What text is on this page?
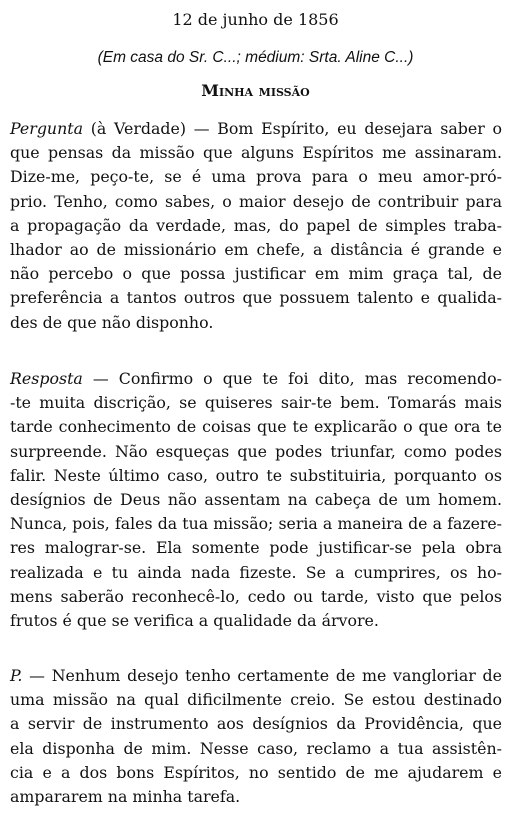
12 de junho de 1856
(Em casa do Sr. C...; médium: Srta. Aline C...)
Minha missão
Pergunta (à Verdade) — Bom Espírito, eu desejara saber o
que pensas da missão que alguns Espíritos me assinaram.
Dize-me, peço-te, se é uma prova para o meu amor-pró-
prio. Tenho, como sabes, o maior desejo de contribuir para
a propagação da verdade, mas, do papel de simples traba-
lhador ao de missionário em chefe, a distância é grande e
não percebo o que possa justificar em mim graça tal, de
preferência a tantos outros que possuem talento e qualida-
des de que não disponho.
Resposta — Confirmo o que te foi dito, mas recomendo-
-te muita discrição, se quiseres sair-te bem. Tomarás mais
tarde conhecimento de coisas que te explicarão o que ora te
surpreende. Não esqueças que podes triunfar, como podes
falir. Neste último caso, outro te substituiria, porquanto os
desígnios de Deus não assentam na cabeça de um homem.
Nunca, pois, fales da tua missão; seria a maneira de a fazere-
res malograr-se. Ela somente pode justificar-se pela obra
realizada e tu ainda nada fizeste. Se a cumprires, os ho-
mens saberão reconhecê-lo, cedo ou tarde, visto que pelos
frutos é que se verifica a qualidade da árvore.
P. — Nenhum desejo tenho certamente de me vangloriar de
uma missão na qual dificilmente creio. Se estou destinado
a servir de instrumento aos desígnios da Providência, que
ela disponha de mim. Nesse caso, reclamo a tua assistên-
cia e a dos bons Espíritos, no sentido de me ajudarem e
ampararem na minha tarefa.
